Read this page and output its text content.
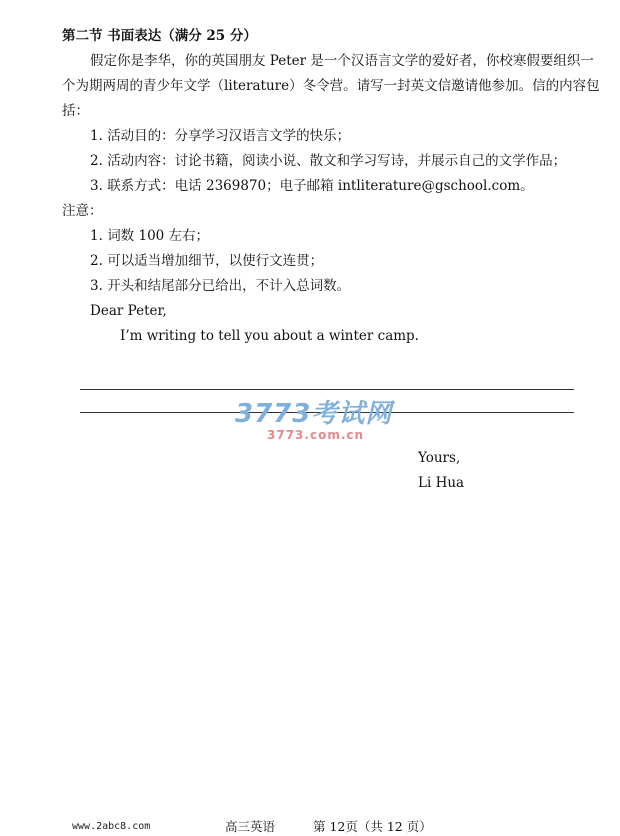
第二节 书面表达（满分 25 分）
假定你是李华，你的英国朋友 Peter 是一个汉语言文学的爱好者，你校寒假要组织一
个为期两周的青少年文学（literature）冬令营。请写一封英文信邀请他参加。信的内容包
括：
1. 活动目的：分享学习汉语言文学的快乐；
2. 活动内容：讨论书籍，阅读小说、散文和学习写诗，并展示自己的文学作品；
3. 联系方式：电话 2369870；电子邮箱 intliterature@gschool.com。
注意：
1. 词数 100 左右；
2. 可以适当增加细节，以使行文连贯；
3. 开头和结尾部分已给出，不计入总词数。
Dear Peter,
I’m writing to tell you about a winter camp.
3773考试网
3773.com.cn
Yours,
Li Hua
www.2abc8.com	高三英语	第 12页（共 12 页）
